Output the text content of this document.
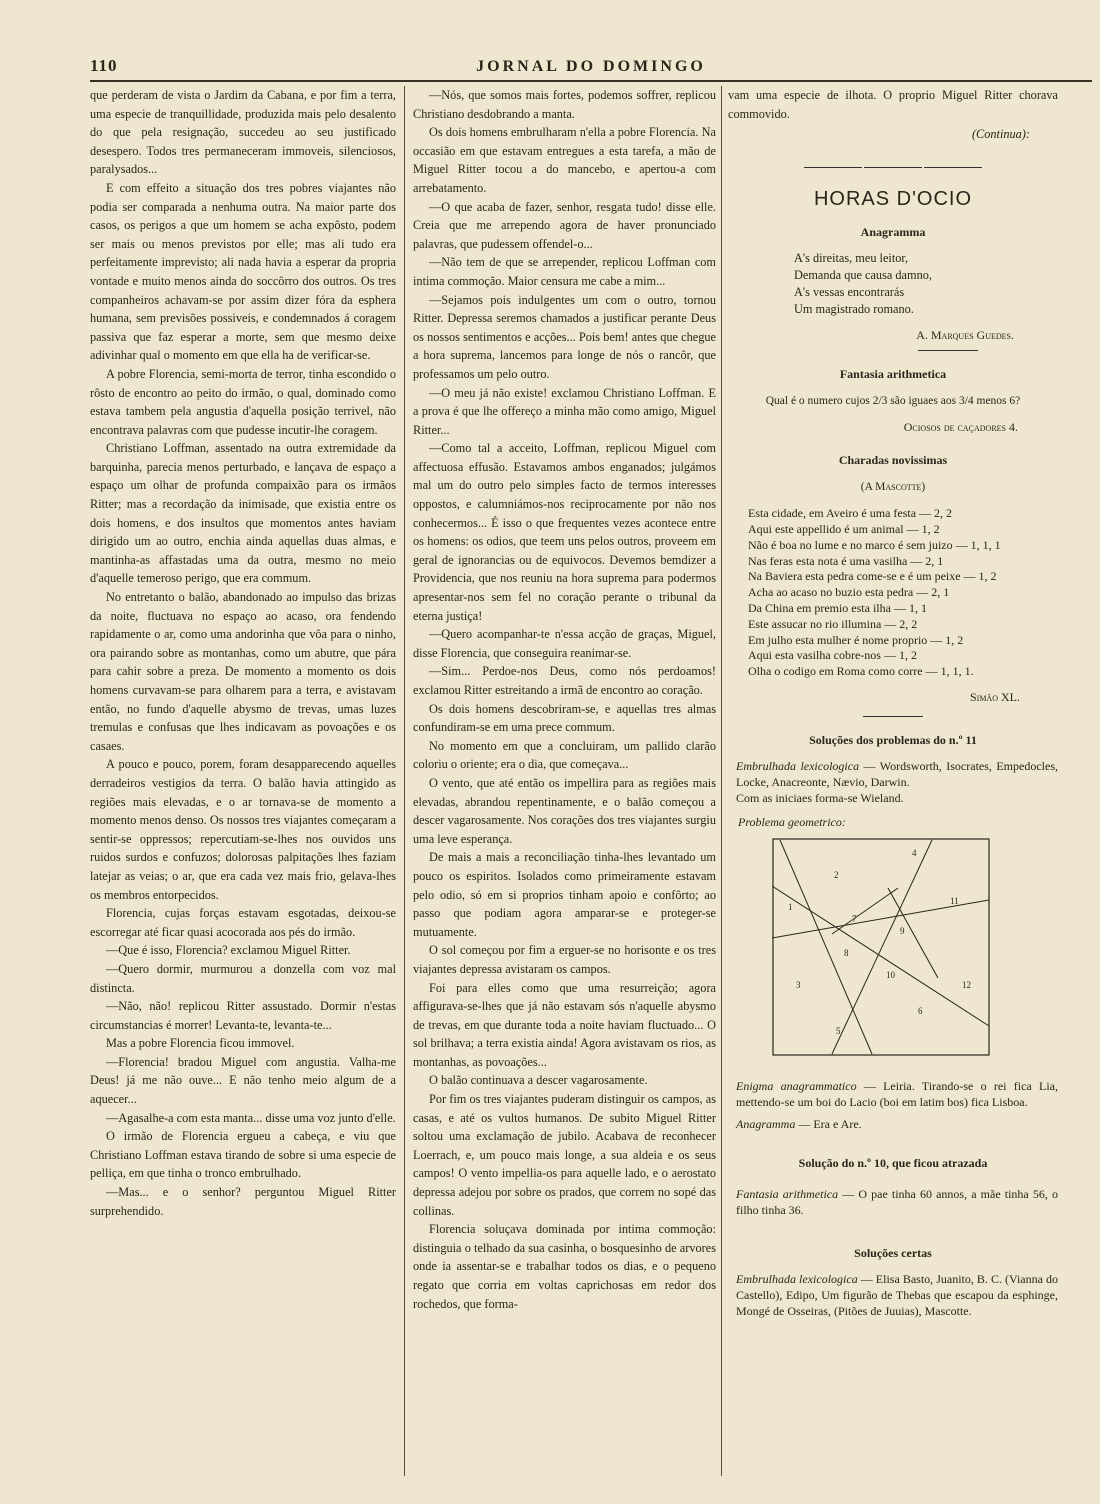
110	JORNAL DO DOMINGO

que perderam de vista o Jardim da Cabana, e por fim a terra, uma especie de tranquillidade, produzida mais pelo desalento do que pela resignação, succedeu ao seu justificado desespero. Todos tres permaneceram immoveis, silenciosos, paralysados...

E com effeito a situação dos tres pobres viajantes não podia ser comparada a nenhuma outra. Na maior parte dos casos, os perigos a que um homem se acha expôsto, podem ser mais ou menos previstos por elle; mas ali tudo era perfeitamente imprevisto; ali nada havia a esperar da propria vontade e muito menos ainda do soccôrro dos outros. Os tres companheiros achavam-se por assim dizer fóra da esphera humana, sem previsões possiveis, e condemnados á coragem passiva que faz esperar a morte, sem que mesmo deixe adivinhar qual o momento em que ella ha de verificar-se.

A pobre Florencia, semi-morta de terror, tinha escondido o rôsto de encontro ao peito do irmão, o qual, dominado como estava tambem pela angustia d'aquella posição terrivel, não encontrava palavras com que pudesse incutir-lhe coragem.

Christiano Loffman, assentado na outra extremidade da barquinha, parecia menos perturbado, e lançava de espaço a espaço um olhar de profunda compaixão para os irmãos Ritter; mas a recordação da inimisade, que existia entre os dois homens, e dos insultos que momentos antes haviam dirigido um ao outro, enchia ainda aquellas duas almas, e mantinha-as affastadas uma da outra, mesmo no meio d'aquelle temeroso perigo, que era commum.

No entretanto o balão, abandonado ao impulso das brizas da noite, fluctuava no espaço ao acaso, ora fendendo rapidamente o ar, como uma andorinha que vôa para o ninho, ora pairando sobre as montanhas, como um abutre, que pára para cahir sobre a preza. De momento a momento os dois homens curvavam-se para olharem para a terra, e avistavam então, no fundo d'aquelle abysmo de trevas, umas luzes tremulas e confusas que lhes indicavam as povoações e os casaes.

A pouco e pouco, porem, foram desapparecendo aquelles derradeiros vestigios da terra. O balão havia attingido as regiões mais elevadas, e o ar tornava-se de momento a momento menos denso. Os nossos tres viajantes começaram a sentir-se oppressos; repercutiam-se-lhes nos ouvidos uns ruidos surdos e confuzos; dolorosas palpitações lhes faziam latejar as veias; o ar, que era cada vez mais frio, gelava-lhes os membros entorpecidos.

Florencia, cujas forças estavam esgotadas, deixou-se escorregar até ficar quasi acocorada aos pés do irmão.

—Que é isso, Florencia? exclamou Miguel Ritter.

—Quero dormir, murmurou a donzella com voz mal distincta.

—Não, não! replicou Ritter assustado. Dormir n'estas circumstancias é morrer! Levanta-te, levanta-te...

Mas a pobre Florencia ficou immovel.

—Florencia! bradou Miguel com angustia. Valha-me Deus! já me não ouve... E não tenho meio algum de a aquecer...

—Agasalhe-a com esta manta... disse uma voz junto d'elle.

O irmão de Florencia ergueu a cabeça, e viu que Christiano Loffman estava tirando de sobre si uma especie de pelliça, em que tinha o tronco embrulhado.

—Mas... e o senhor? perguntou Miguel Ritter surprehendido.

—Nós, que somos mais fortes, podemos soffrer, replicou Christiano desdobrando a manta.

Os dois homens embrulharam n'ella a pobre Florencia. Na occasião em que estavam entregues a esta tarefa, a mão de Miguel Ritter tocou a do mancebo, e apertou-a com arrebatamento.

—O que acaba de fazer, senhor, resgata tudo! disse elle. Creia que me arrependo agora de haver pronunciado palavras, que pudessem offendel-o...

—Não tem de que se arrepender, replicou Loffman com intima commoção. Maior censura me cabe a mim...

—Sejamos pois indulgentes um com o outro, tornou Ritter. Depressa seremos chamados a justificar perante Deus os nossos sentimentos e acções... Pois bem! antes que chegue a hora suprema, lancemos para longe de nós o rancôr, que professamos um pelo outro.

—O meu já não existe! exclamou Christiano Loffman. E a prova é que lhe offereço a minha mão como amigo, Miguel Ritter...

—Como tal a acceito, Loffman, replicou Miguel com affectuosa effusão. Estavamos ambos enganados; julgámos mal um do outro pelo simples facto de termos interesses oppostos, e calumniámos-nos reciprocamente por não nos conhecermos... É isso o que frequentes vezes acontece entre os homens: os odios, que teem uns pelos outros, proveem em geral de ignorancias ou de equivocos. Devemos bemdizer a Providencia, que nos reuniu na hora suprema para podermos apresentar-nos sem fel no coração perante o tribunal da eterna justiça!

—Quero acompanhar-te n'essa acção de graças, Miguel, disse Florencia, que conseguira reanimar-se.

—Sim... Perdoe-nos Deus, como nós perdoamos! exclamou Ritter estreitando a irmã de encontro ao coração.

Os dois homens descobriram-se, e aquellas tres almas confundiram-se em uma prece commum.

No momento em que a concluiram, um pallido clarão coloriu o oriente; era o dia, que começava...

O vento, que até então os impellira para as regiões mais elevadas, abrandou repentinamente, e o balão começou a descer vagarosamente. Nos corações dos tres viajantes surgiu uma leve esperança.

De mais a mais a reconciliação tinha-lhes levantado um pouco os espiritos. Isolados como primeiramente estavam pelo odio, só em si proprios tinham apoio e confôrto; ao passo que podiam agora amparar-se e proteger-se mutuamente.

O sol começou por fim a erguer-se no horisonte e os tres viajantes depressa avistaram os campos.

Foi para elles como que uma resurreição; agora affigurava-se-lhes que já não estavam sós n'aquelle abysmo de trevas, em que durante toda a noite haviam fluctuado... O sol brilhava; a terra existia ainda! Agora avistavam os rios, as montanhas, as povoações...

O balão continuava a descer vagarosamente.

Por fim os tres viajantes puderam distinguir os campos, as casas, e até os vultos humanos. De subito Miguel Ritter soltou uma exclamação de jubilo. Acabava de reconhecer Loerrach, e, um pouco mais longe, a sua aldeia e os seus campos! O vento impellia-os para aquelle lado, e o aerostato depressa adejou por sobre os prados, que correm no sopé das collinas.

Florencia soluçava dominada por intima commoção: distinguia o telhado da sua casinha, o bosquesinho de arvores onde ia assentar-se e trabalhar todos os dias, e o pequeno regato que corria em voltas caprichosas em redor dos rochedos, que forma-

vam uma especie de ilhota. O proprio Miguel Ritter chorava commovido.

(Continua):
HORAS D'OCIO
Anagramma
A's direitas, meu leitor,
Demanda que causa damno,
A's vessas encontrarás
Um magistrado romano.
A. Marques Guedes.
Fantasia arithmetica
Qual é o numero cujos 2/3 são iguaes aos 3/4 menos 6?
Ociosos de caçadores 4.
Charadas novissimas
(A Mascotte)
Esta cidade, em Aveiro é uma festa — 2, 2
Aqui este appellido é um animal — 1, 2
Não é boa no lume e no marco é sem juizo — 1, 1, 1
Nas feras esta nota é uma vasilha — 2, 1
Na Baviera esta pedra come-se e é um peixe — 1, 2
Acha ao acaso no buzio esta pedra — 2, 1
Da China em premio esta ilha — 1, 1
Este assucar no rio illumina — 2, 2
Em julho esta mulher é nome proprio — 1, 2
Aqui esta vasilha cobre-nos — 1, 2
Olha o codigo em Roma como corre — 1, 1, 1.
Simão XL.
Soluções dos problemas do n.º 11
Embrulhada lexicologica — Wordsworth, Isocrates, Empedocles, Locke, Anacreonte, Nævio, Darwin.
Com as iniciaes forma-se Wieland.
Problema geometrico:
1
2
3
4
5
6
7
8
9
10
11
12
Enigma anagrammatico — Leiria. Tirando-se o rei fica Lia, mettendo-se um boi do Lacio (boi em latim bos) fica Lisboa.
Anagramma — Era e Are.
Solução do n.º 10, que ficou atrazada
Fantasia arithmetica — O pae tinha 60 annos, a mãe tinha 56, o filho tinha 36.
Soluções certas
Embrulhada lexicologica — Elisa Basto, Juanito, B. C. (Vianna do Castello), Edipo, Um figurão de Thebas que escapou da esphinge, Mongé de Osseiras, (Pitões de Juuias), Mascotte.
